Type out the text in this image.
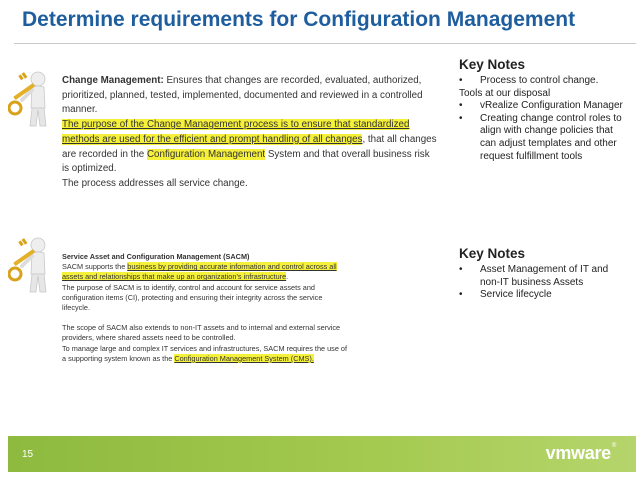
Determine requirements for Configuration Management

Change Management: Ensures that changes are recorded, evaluated, authorized, prioritized, planned, tested, implemented, documented and reviewed in a controlled manner.

The purpose of the Change Management process is to ensure that standardized methods are used for the efficient and prompt handling of all changes, that all changes are recorded in the Configuration Management System and that overall business risk is optimized.

The process addresses all service change.

Service Asset and Configuration Management (SACM)

SACM supports the business by providing accurate information and control across all assets and relationships that make up an organization’s infrastructure.

The purpose of SACM is to identify, control and account for service assets and configuration items (CI), protecting and ensuring their integrity across the service lifecycle.

The scope of SACM also extends to non-IT assets and to internal and external service providers, where shared assets need to be controlled.

To manage large and complex IT services and infrastructures, SACM requires the use of a supporting system known as the Configuration Management System (CMS).

Key Notes
• Process to control change.
Tools at our disposal
• vRealize Configuration Manager
• Creating change control roles to align with change policies that can adjust templates and other request fulfillment tools
Key Notes
• Asset Management of IT and non-IT business Assets
• Service lifecycle
15	vmware®
